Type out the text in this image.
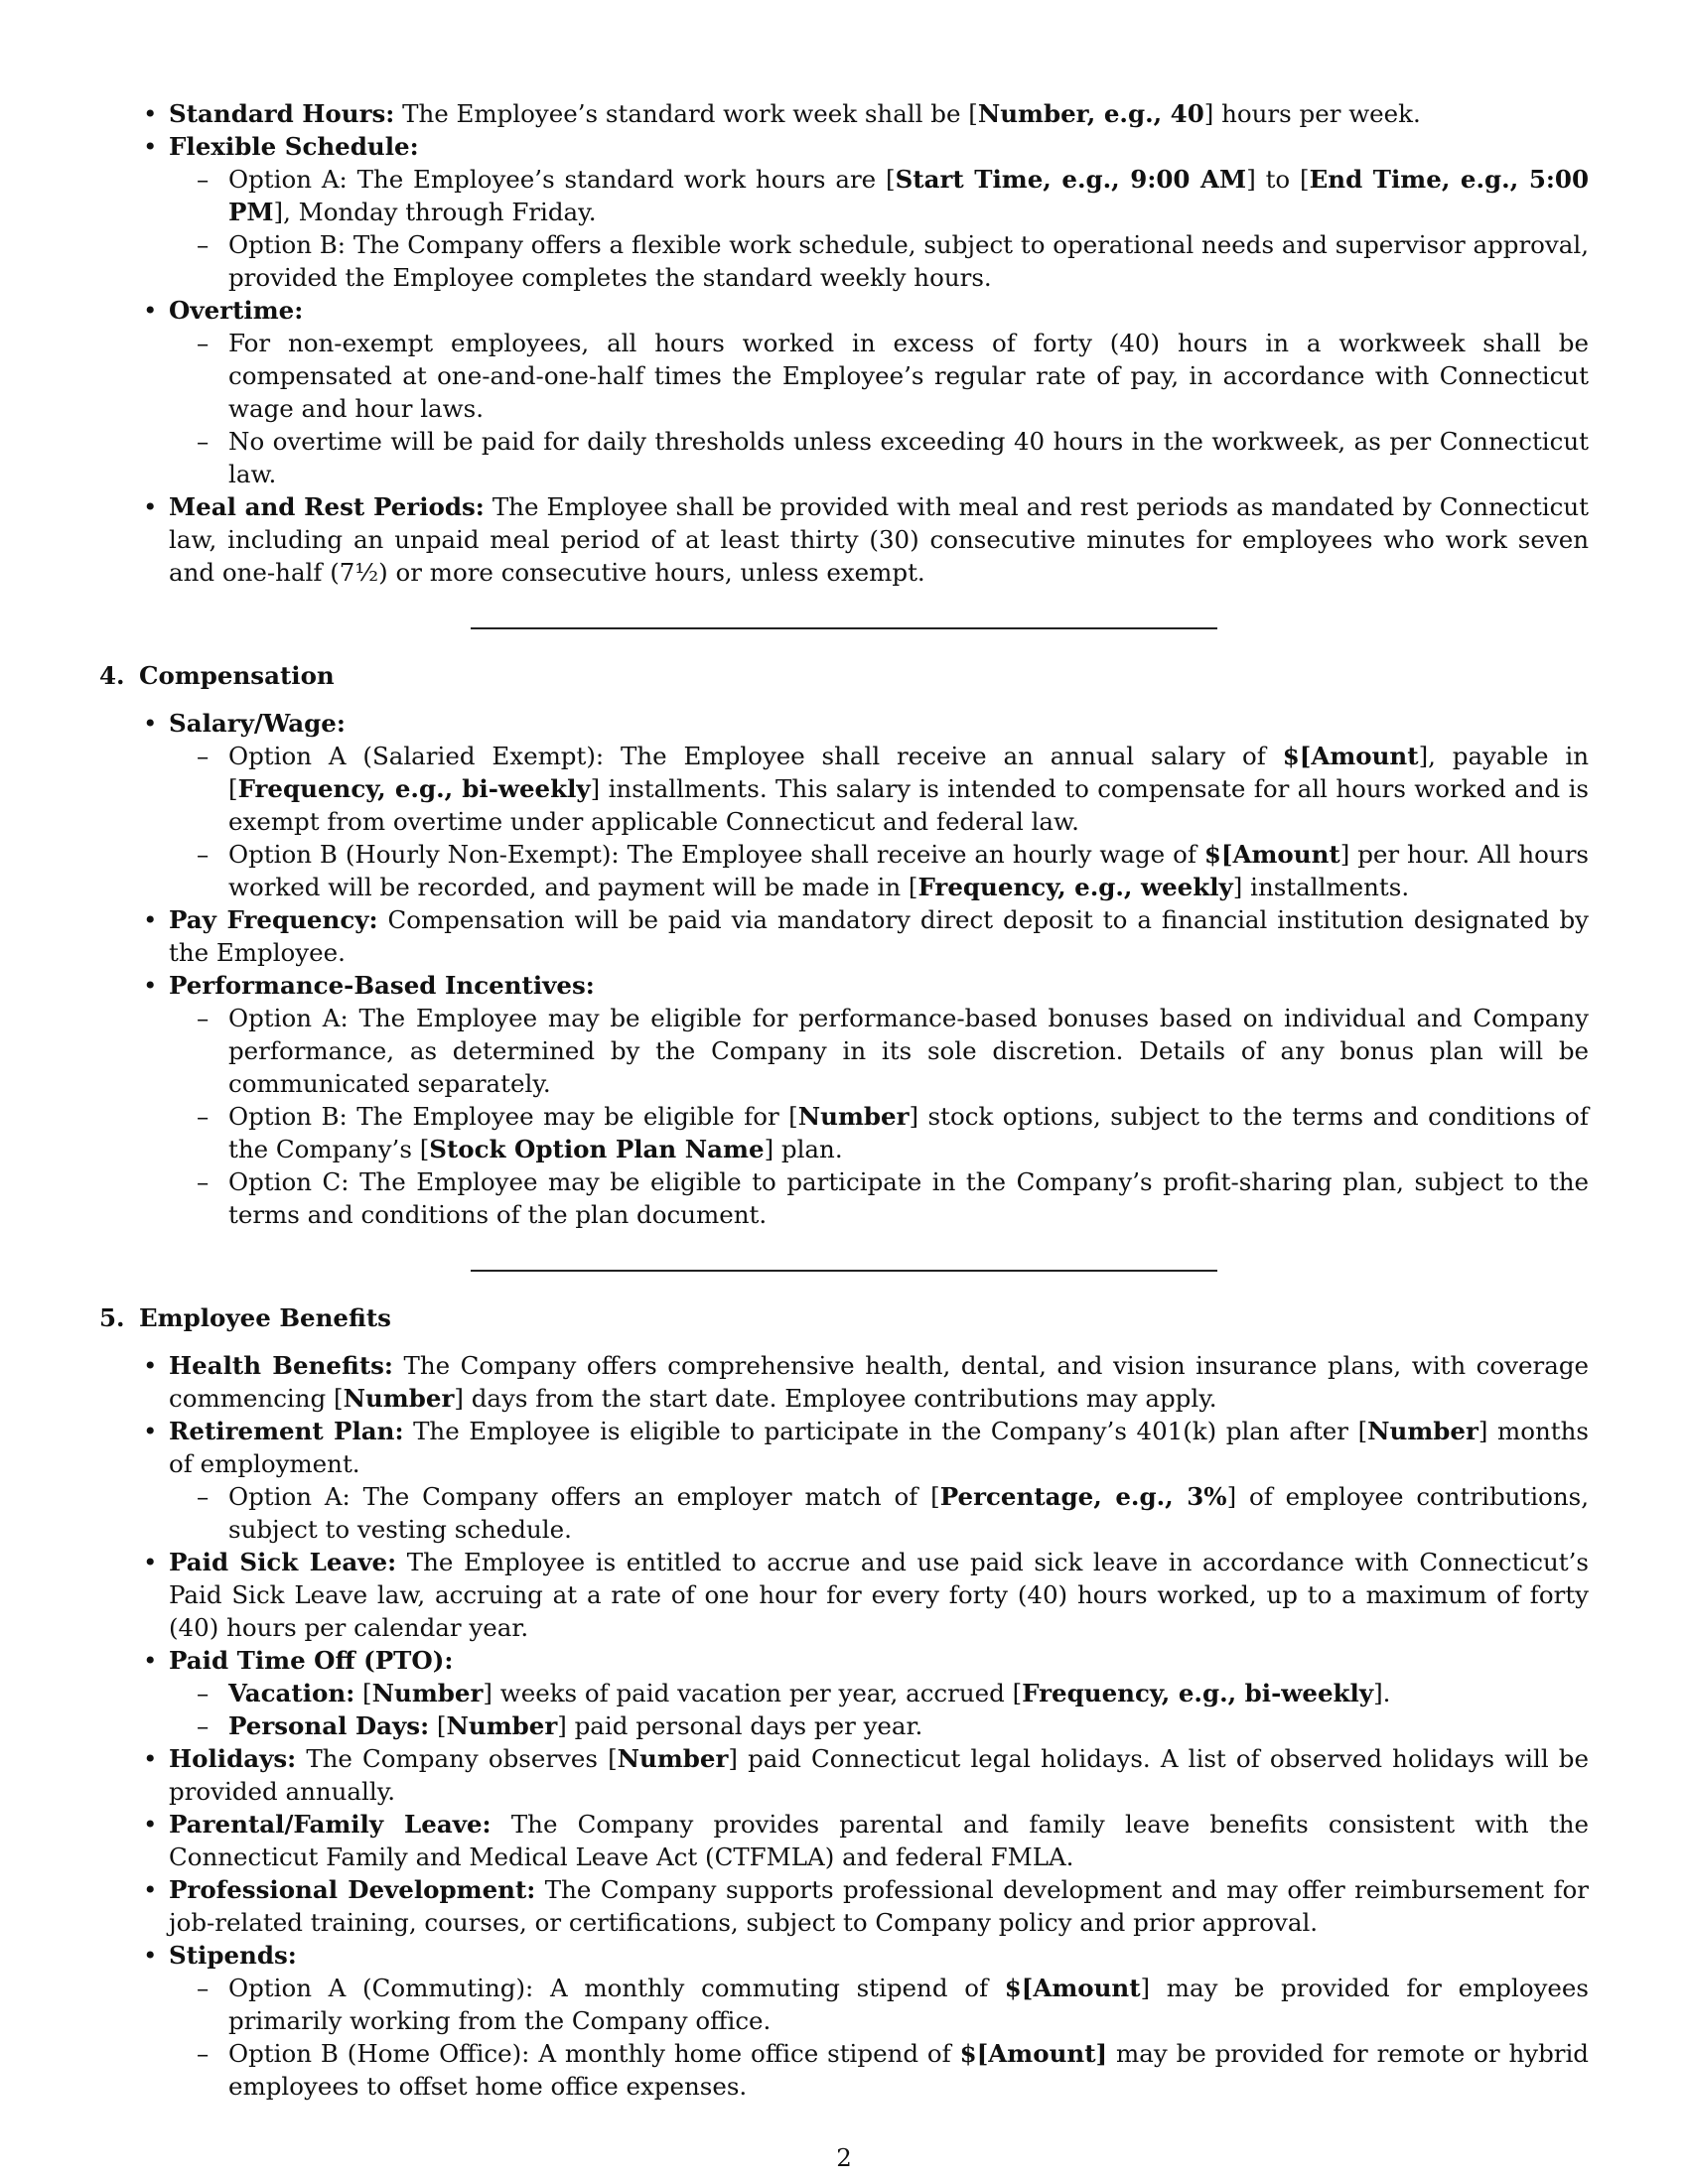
• Standard Hours: The Employee’s standard work week shall be [Number, e.g., 40] hours per week.
• Flexible Schedule:
– Option A: The Employee’s standard work hours are [Start Time, e.g., 9:00 AM] to [End Time, e.g., 5:00 PM], Monday through Friday.
– Option B: The Company offers a flexible work schedule, subject to operational needs and supervisor approval, provided the Employee completes the standard weekly hours.
• Overtime:
– For non-exempt employees, all hours worked in excess of forty (40) hours in a workweek shall be compensated at one-and-one-half times the Employee’s regular rate of pay, in accordance with Connecticut wage and hour laws.
– No overtime will be paid for daily thresholds unless exceeding 40 hours in the workweek, as per Connecticut law.
• Meal and Rest Periods: The Employee shall be provided with meal and rest periods as mandated by Connecticut law, including an unpaid meal period of at least thirty (30) consecutive minutes for employees who work seven and one-half (7½) or more consecutive hours, unless exempt.
4. Compensation
• Salary/Wage:
– Option A (Salaried Exempt): The Employee shall receive an annual salary of $[Amount], payable in [Frequency, e.g., bi-weekly] installments. This salary is intended to compensate for all hours worked and is exempt from overtime under applicable Connecticut and federal law.
– Option B (Hourly Non-Exempt): The Employee shall receive an hourly wage of $[Amount] per hour. All hours worked will be recorded, and payment will be made in [Frequency, e.g., weekly] installments.
• Pay Frequency: Compensation will be paid via mandatory direct deposit to a financial institution designated by the Employee.
• Performance-Based Incentives:
– Option A: The Employee may be eligible for performance-based bonuses based on individual and Company performance, as determined by the Company in its sole discretion. Details of any bonus plan will be communicated separately.
– Option B: The Employee may be eligible for [Number] stock options, subject to the terms and conditions of the Company’s [Stock Option Plan Name] plan.
– Option C: The Employee may be eligible to participate in the Company’s profit-sharing plan, subject to the terms and conditions of the plan document.
5. Employee Benefits
• Health Benefits: The Company offers comprehensive health, dental, and vision insurance plans, with coverage commencing [Number] days from the start date. Employee contributions may apply.
• Retirement Plan: The Employee is eligible to participate in the Company’s 401(k) plan after [Number] months of employment.
– Option A: The Company offers an employer match of [Percentage, e.g., 3%] of employee contributions, subject to vesting schedule.
• Paid Sick Leave: The Employee is entitled to accrue and use paid sick leave in accordance with Connecticut’s Paid Sick Leave law, accruing at a rate of one hour for every forty (40) hours worked, up to a maximum of forty (40) hours per calendar year.
• Paid Time Off (PTO):
– Vacation: [Number] weeks of paid vacation per year, accrued [Frequency, e.g., bi-weekly].
– Personal Days: [Number] paid personal days per year.
• Holidays: The Company observes [Number] paid Connecticut legal holidays. A list of observed holidays will be provided annually.
• Parental/Family Leave: The Company provides parental and family leave benefits consistent with the Connecticut Family and Medical Leave Act (CTFMLA) and federal FMLA.
• Professional Development: The Company supports professional development and may offer reimbursement for job-related training, courses, or certifications, subject to Company policy and prior approval.
• Stipends:
– Option A (Commuting): A monthly commuting stipend of $[Amount] may be provided for employees primarily working from the Company office.
– Option B (Home Office): A monthly home office stipend of $[Amount] may be provided for remote or hybrid employees to offset home office expenses.
2
